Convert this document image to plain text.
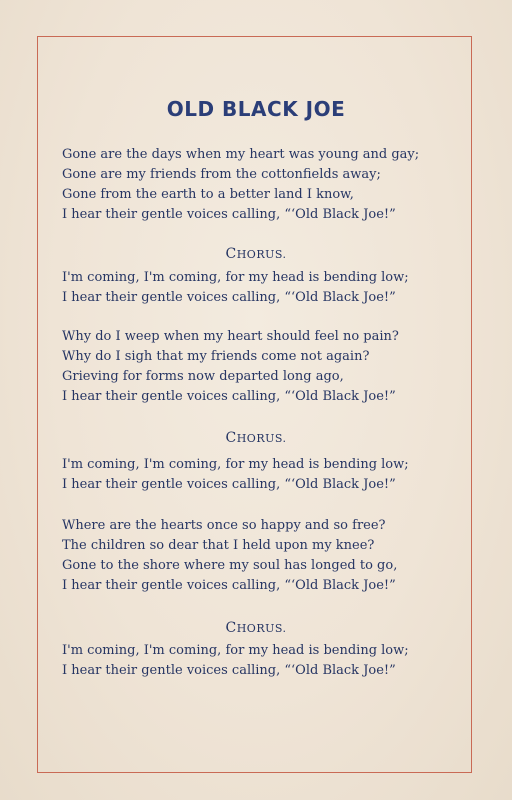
OLD BLACK JOE
Gone are the days when my heart was young and gay;
Gone are my friends from the cottonfields away;
Gone from the earth to a better land I know,
I hear their gentle voices calling, “‘Old Black Joe!”
CHORUS.
I'm coming, I'm coming, for my head is bending low;
I hear their gentle voices calling, “‘Old Black Joe!”
Why do I weep when my heart should feel no pain?
Why do I sigh that my friends come not again?
Grieving for forms now departed long ago,
I hear their gentle voices calling, “‘Old Black Joe!”
CHORUS.
I'm coming, I'm coming, for my head is bending low;
I hear their gentle voices calling, “‘Old Black Joe!”
Where are the hearts once so happy and so free?
The children so dear that I held upon my knee?
Gone to the shore where my soul has longed to go,
I hear their gentle voices calling, “‘Old Black Joe!”
CHORUS.
I'm coming, I'm coming, for my head is bending low;
I hear their gentle voices calling, “‘Old Black Joe!”
